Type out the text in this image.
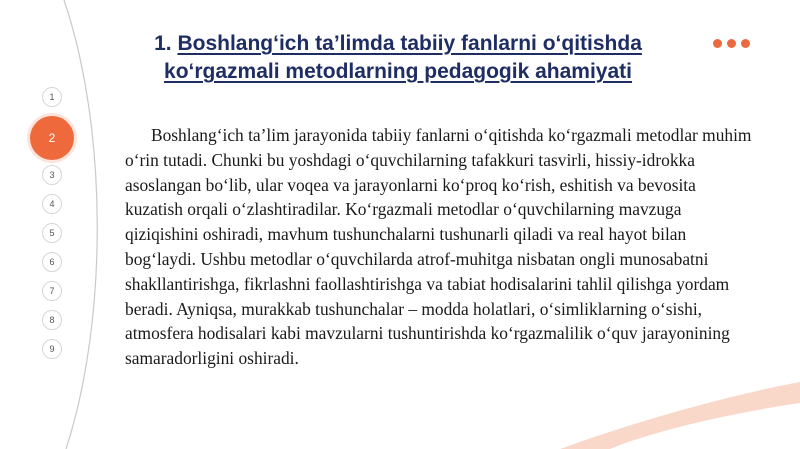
1
2
3
4
5
6
7
8
9
1. Boshlang‘ich ta’limda tabiiy fanlarni o‘qitishda
ko‘rgazmali metodlarning pedagogik ahamiyati

Boshlang‘ich ta’lim jarayonida tabiiy fanlarni o‘qitishda ko‘rgazmali metodlar muhim o‘rin tutadi. Chunki bu yoshdagi o‘quvchilarning tafakkuri tasvirli, hissiy-idrokka asoslangan bo‘lib, ular voqea va jarayonlarni ko‘proq ko‘rish, eshitish va bevosita kuzatish orqali o‘zlashtiradilar. Ko‘rgazmali metodlar o‘quvchilarning mavzuga qiziqishini oshiradi, mavhum tushunchalarni tushunarli qiladi va real hayot bilan bog‘laydi. Ushbu metodlar o‘quvchilarda atrof-muhitga nisbatan ongli munosabatni shakllantirishga, fikrlashni faollashtirishga va tabiat hodisalarini tahlil qilishga yordam beradi. Ayniqsa, murakkab tushunchalar – modda holatlari, o‘simliklarning o‘sishi, atmosfera hodisalari kabi mavzularni tushuntirishda ko‘rgazmalilik o‘quv jarayonining samaradorligini oshiradi.
